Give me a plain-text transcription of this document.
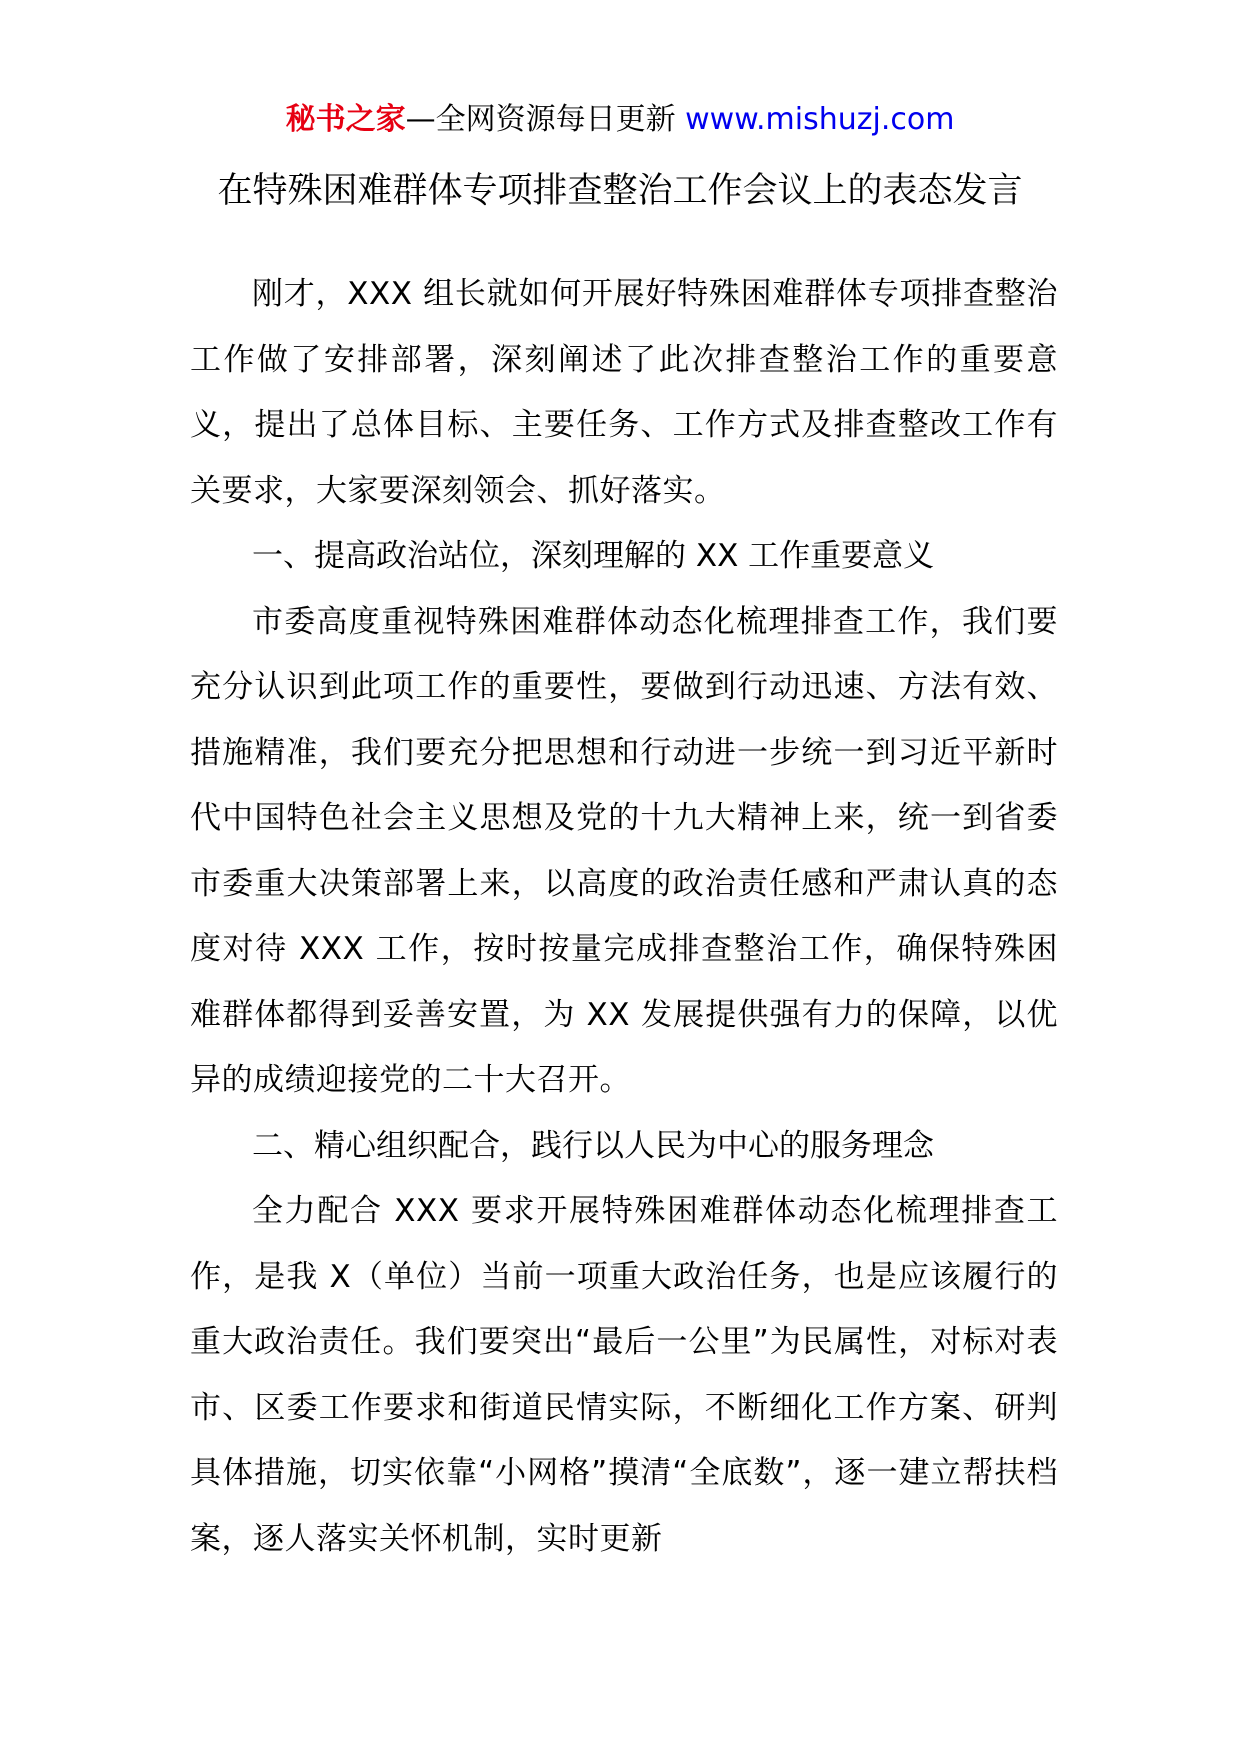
秘书之家—全网资源每日更新 www.mishuzj.com
在特殊困难群体专项排查整治工作会议上的表态发言

刚才，XXX 组长就如何开展好特殊困难群体专项排查整治工作做了安排部署，深刻阐述了此次排查整治工作的重要意义，提出了总体目标、主要任务、工作方式及排查整改工作有关要求，大家要深刻领会、抓好落实。

一、提高政治站位，深刻理解的 XX 工作重要意义

市委高度重视特殊困难群体动态化梳理排查工作，我们要充分认识到此项工作的重要性，要做到行动迅速、方法有效、措施精准，我们要充分把思想和行动进一步统一到习近平新时代中国特色社会主义思想及党的十九大精神上来，统一到省委市委重大决策部署上来，以高度的政治责任感和严肃认真的态度对待 XXX 工作，按时按量完成排查整治工作，确保特殊困难群体都得到妥善安置，为 XX 发展提供强有力的保障，以优异的成绩迎接党的二十大召开。

二、精心组织配合，践行以人民为中心的服务理念

全力配合 XXX 要求开展特殊困难群体动态化梳理排查工作，是我 X（单位）当前一项重大政治任务，也是应该履行的重大政治责任。我们要突出“最后一公里”为民属性，对标对表市、区委工作要求和街道民情实际，不断细化工作方案、研判具体措施，切实依靠“小网格”摸清“全底数”，逐一建立帮扶档案，逐人落实关怀机制，实时更新
